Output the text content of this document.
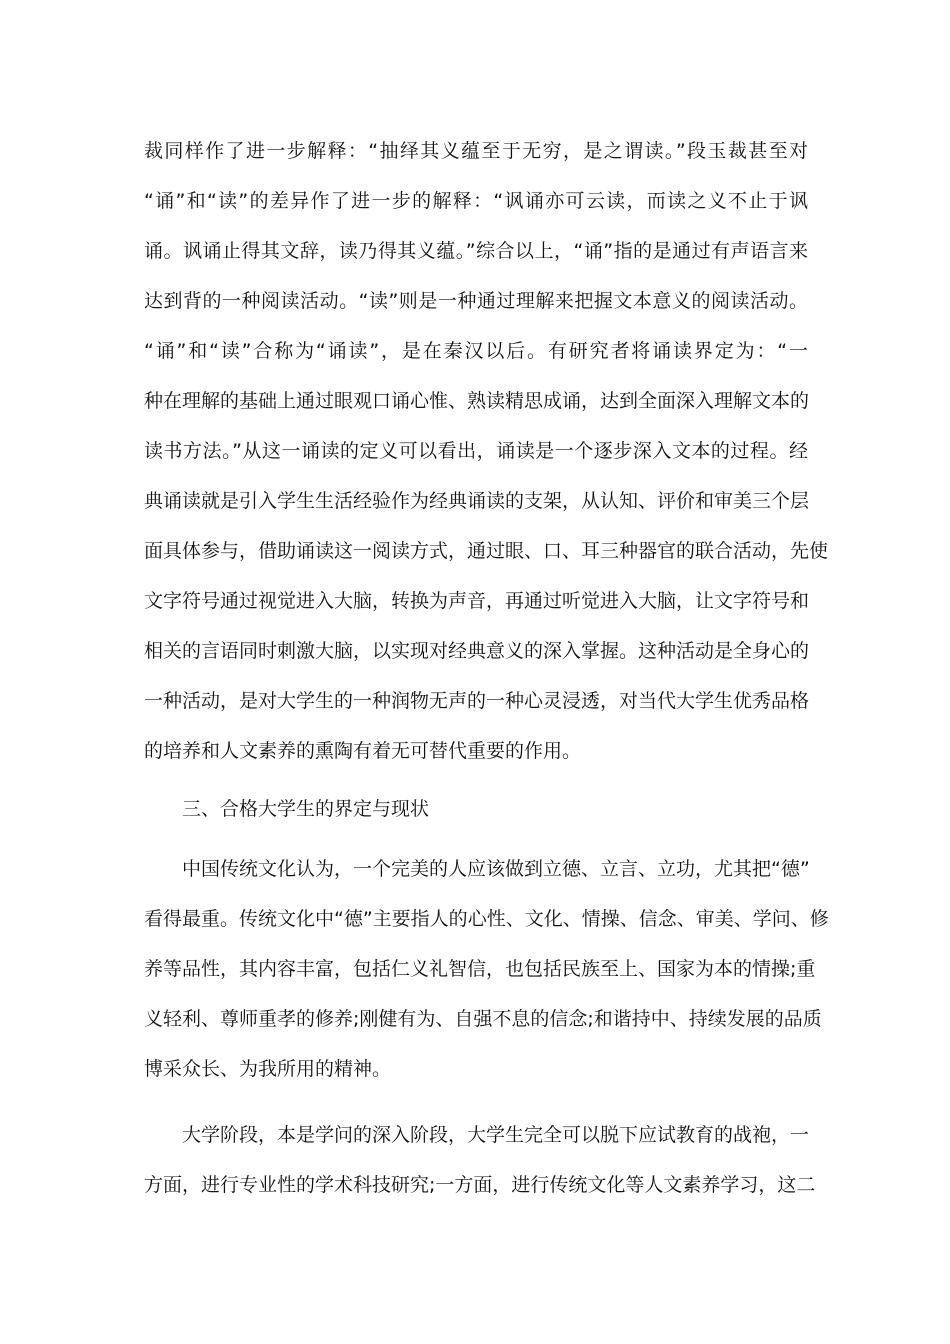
裁同样作了进一步解释：“抽绎其义蕴至于无穷，是之谓读。”段玉裁甚至对
“诵”和“读”的差异作了进一步的解释：“讽诵亦可云读，而读之义不止于讽
诵。讽诵止得其文辞，读乃得其义蕴。”综合以上，“诵”指的是通过有声语言来
达到背的一种阅读活动。“读”则是一种通过理解来把握文本意义的阅读活动。
“诵”和“读”合称为“诵读”，是在秦汉以后。有研究者将诵读界定为：“一
种在理解的基础上通过眼观口诵心惟、熟读精思成诵，达到全面深入理解文本的
读书方法。”从这一诵读的定义可以看出，诵读是一个逐步深入文本的过程。经
典诵读就是引入学生生活经验作为经典诵读的支架，从认知、评价和审美三个层
面具体参与，借助诵读这一阅读方式，通过眼、口、耳三种器官的联合活动，先使
文字符号通过视觉进入大脑，转换为声音，再通过听觉进入大脑，让文字符号和
相关的言语同时刺激大脑，以实现对经典意义的深入掌握。这种活动是全身心的
一种活动，是对大学生的一种润物无声的一种心灵浸透，对当代大学生优秀品格
的培养和人文素养的熏陶有着无可替代重要的作用。
三、合格大学生的界定与现状
中国传统文化认为，一个完美的人应该做到立德、立言、立功，尤其把“德”
看得最重。传统文化中“德”主要指人的心性、文化、情操、信念、审美、学问、修
养等品性，其内容丰富，包括仁义礼智信，也包括民族至上、国家为本的情操;重
义轻利、尊师重孝的修养;刚健有为、自强不息的信念;和谐持中、持续发展的品质
博采众长、为我所用的精神。
大学阶段，本是学问的深入阶段，大学生完全可以脱下应试教育的战袍，一
方面，进行专业性的学术科技研究;一方面，进行传统文化等人文素养学习，这二
